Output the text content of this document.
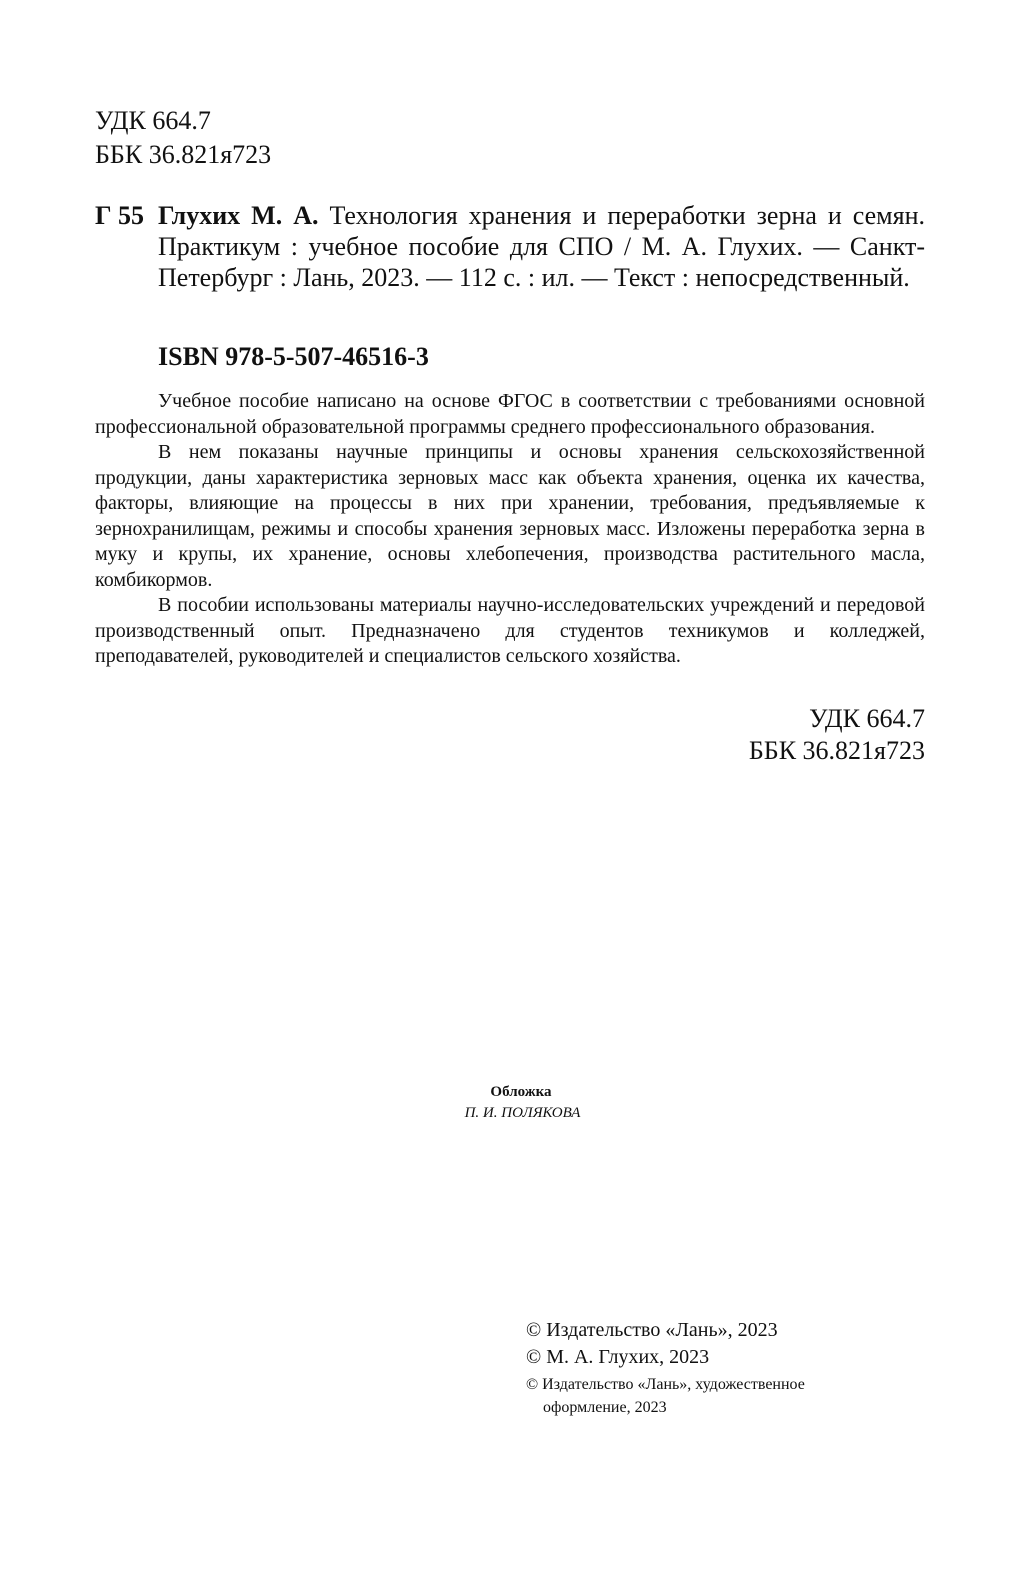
УДК 664.7
ББК 36.821я723
Г 55 Глухих М. А. Технология хранения и переработки зерна и семян. Практикум : учебное пособие для СПО / М. А. Глухих. — Санкт-Петербург : Лань, 2023. — 112 с. : ил. — Текст : непосредственный.
ISBN 978-5-507-46516-3

Учебное пособие написано на основе ФГОС в соответствии с требованиями основной профессиональной образовательной программы среднего профессионального образования.

В нем показаны научные принципы и основы хранения сельскохозяйственной продукции, даны характеристика зерновых масс как объекта хранения, оценка их качества, факторы, влияющие на процессы в них при хранении, требования, предъявляемые к зернохранилищам, режимы и способы хранения зерновых масс. Изложены переработка зерна в муку и крупы, их хранение, основы хлебопечения, производства растительного масла, комбикормов.

В пособии использованы материалы научно-исследовательских учреждений и передовой производственный опыт. Предназначено для студентов техникумов и колледжей, преподавателей, руководителей и специалистов сельского хозяйства.

УДК 664.7
ББК 36.821я723
Обложка
П. И. ПОЛЯКОВА
© Издательство «Лань», 2023
© М. А. Глухих, 2023
© Издательство «Лань», художественное
оформление, 2023
